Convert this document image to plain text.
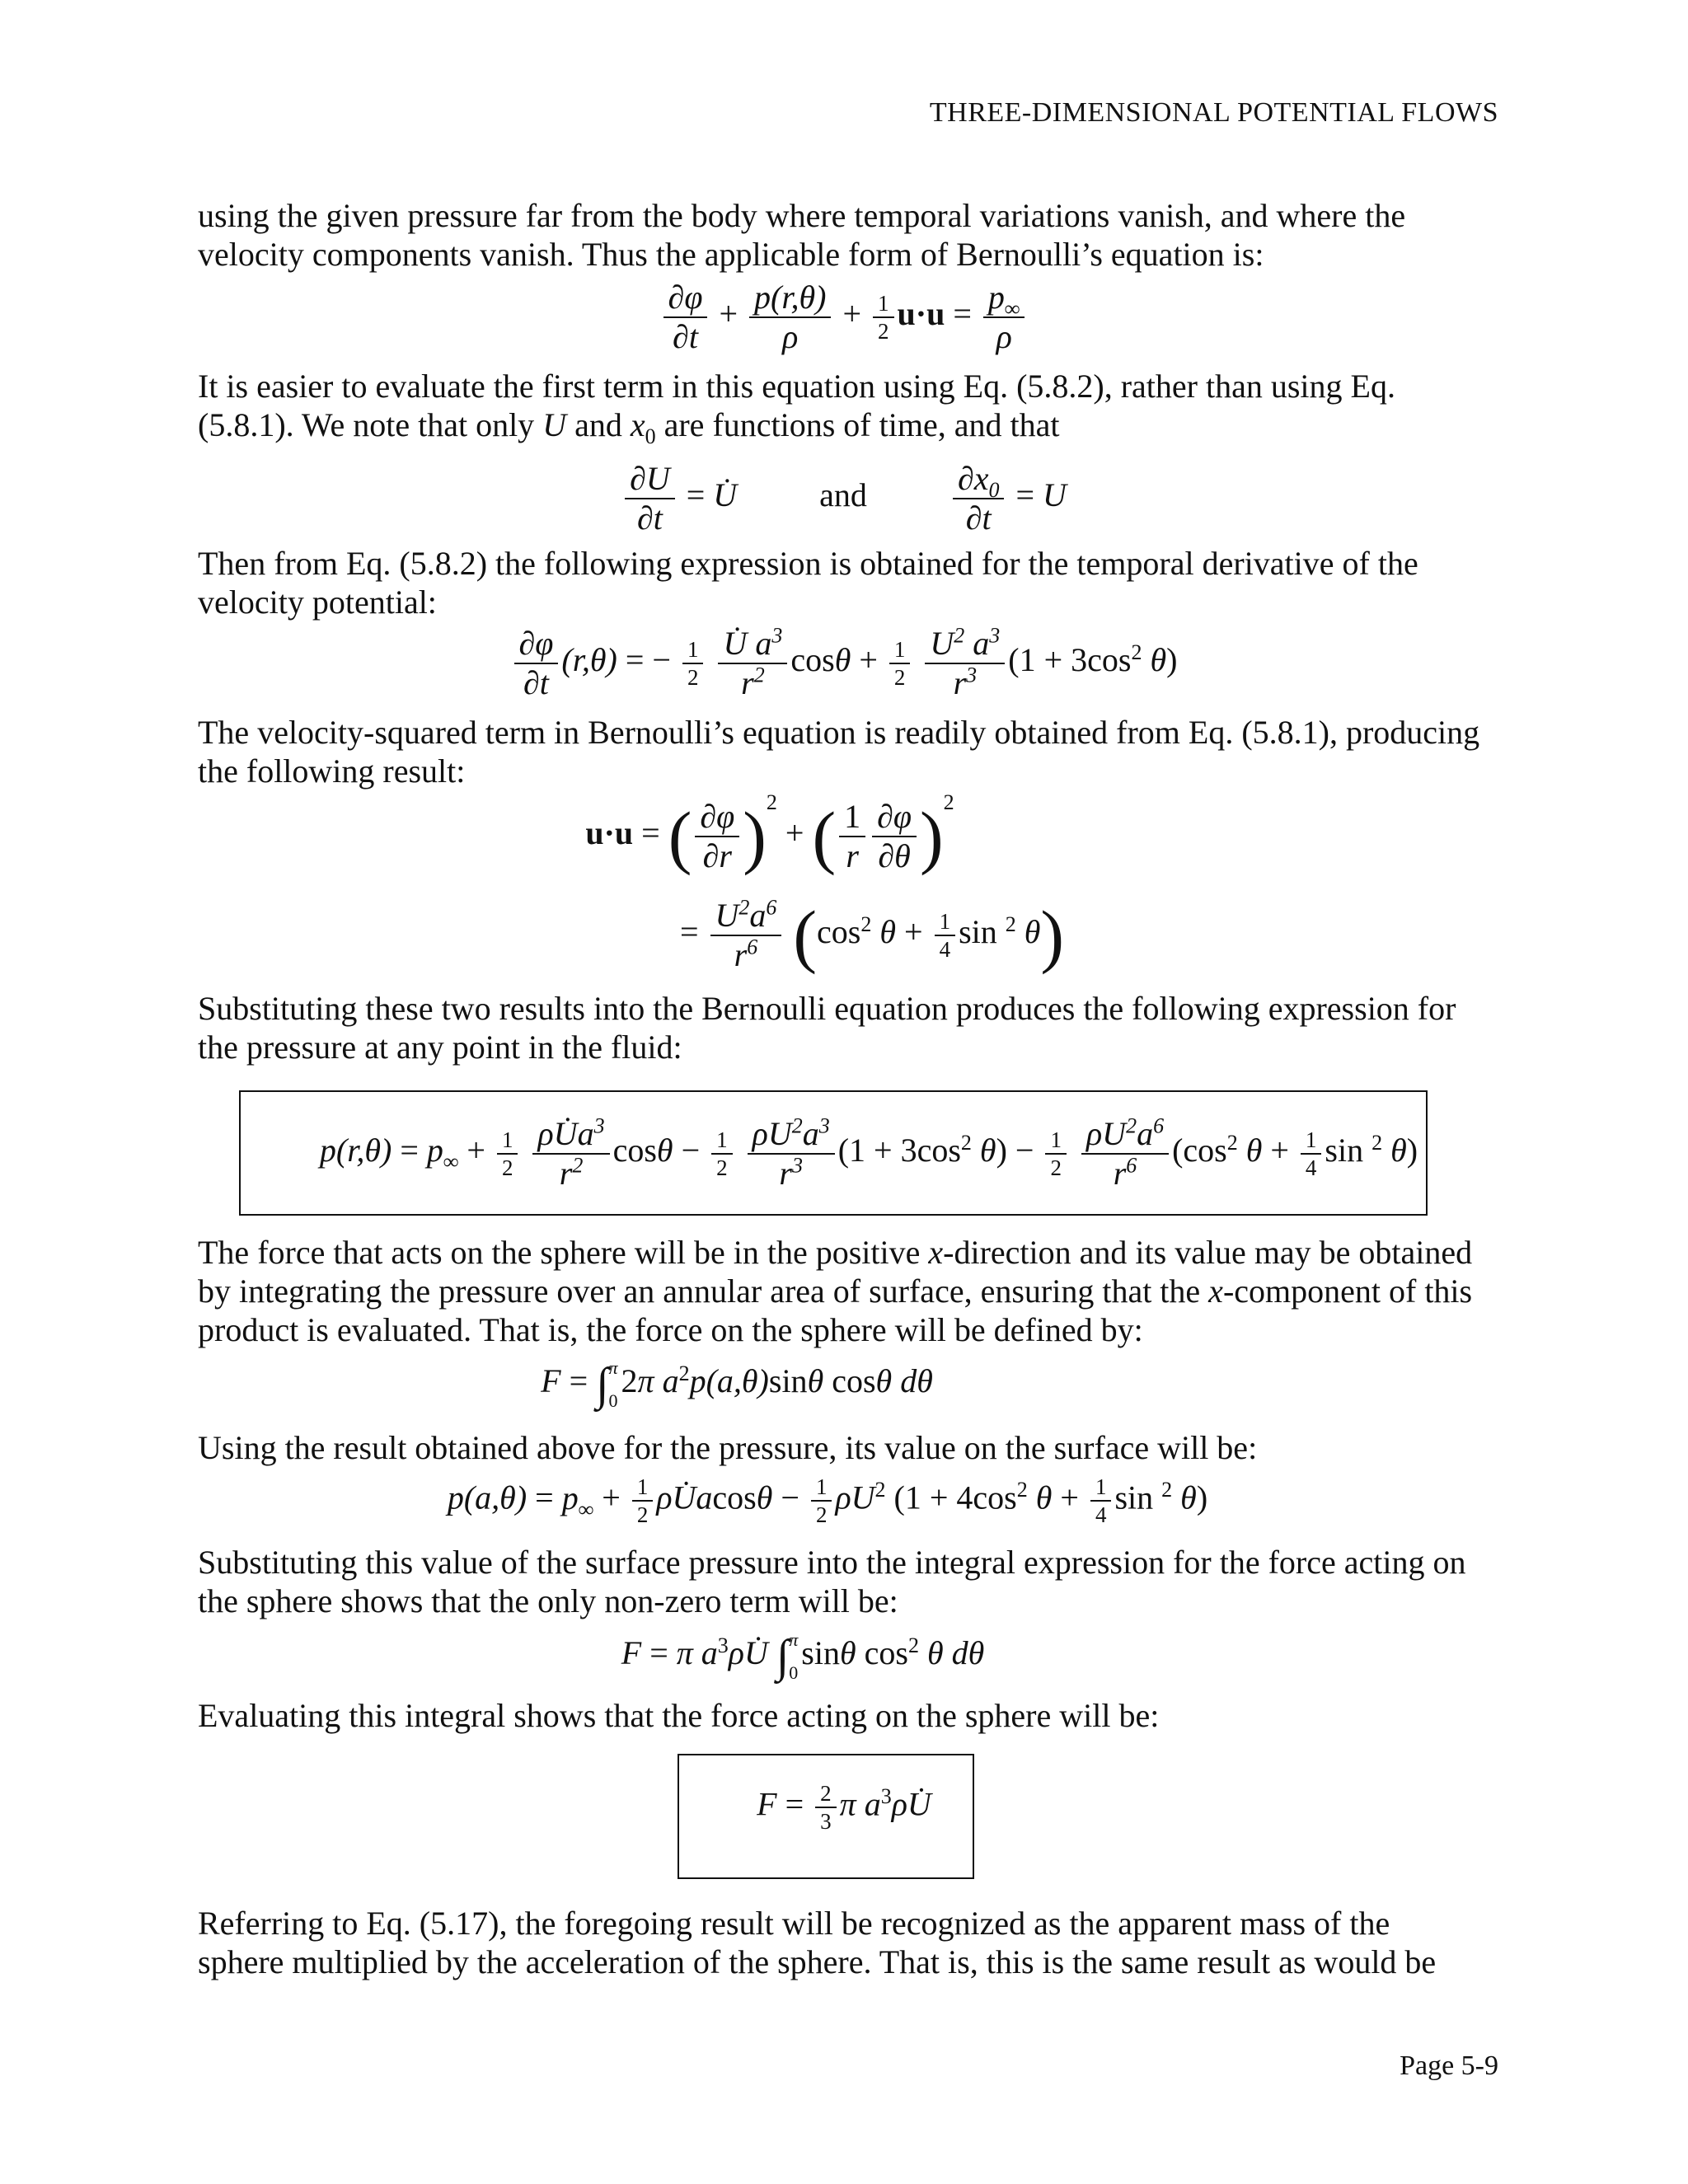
THREE-DIMENSIONAL POTENTIAL FLOWS

using the given pressure far from the body where temporal variations vanish, and where the velocity components vanish. Thus the applicable form of Bernoulli’s equation is:

$\frac{\partial\varphi}{\partial t} + \frac{p(r,\theta)}{\rho} + \frac{1}{2} u\cdot u = \frac{p_\infty}{\rho}$

It is easier to evaluate the first term in this equation using Eq. (5.8.2), rather than using Eq. (5.8.1). We note that only U and $x_0$ are functions of time, and that

$\frac{\partial U}{\partial t}$ = U̇	and	$\frac{\partial x_0}{\partial t} = U$

Then from Eq. (5.8.2) the following expression is obtained for the temporal derivative of the velocity potential:

$\frac{\partial\varphi}{\partial t} (r,\theta)$ = − $\frac{1}{2}$
$\frac{U̇ a^3}{r^2}$ $\cos\theta + \frac{1}{2}$
$\frac{U^2 a^3}{r^3} (1 + 3\cos^2$ θ)

The velocity-squared term in Bernoulli’s equation is readily obtained from Eq. (5.8.1), producing the following result:

u·u = ( $\frac{\partial\varphi}{\partial r} )^2$ + ( $\frac{1}{r} \frac{\partial\varphi}{\partial\theta} )^2$
= $\frac{U^2a^6}{r^6} (\cos^2$ $\theta + \frac{1}{4}$ sin $^2$ θ)

Substituting these two results into the Bernoulli equation produces the following expression for the pressure at any point in the fluid:

$p(r,\theta) = p_\infty + \frac{1}{2}$
$\frac{\rho U̇a^3}{r^2}$ $\cos\theta - \frac{1}{2}$
$\frac{\rho U^2a^3}{r^3} (1 + 3\cos^2$ $\theta) - \frac{1}{2}$
$\frac{\rho U^2a^6}{r^6} (\cos^2$ $\theta + \frac{1}{4}$ sin $^2$ θ)

The force that acts on the sphere will be in the positive x-direction and its value may be obtained by integrating the pressure over an annular area of surface, ensuring that the x-component of this product is evaluated. That is, the force on the sphere will be defined by:

F = ∫ π
0
2π $a^2p(a,\theta)\sin\theta$ cosθ dθ

Using the result obtained above for the pressure, its value on the surface will be:

$p(a,\theta) = p_\infty + \frac{1}{2}$ ρU̇acosθ − $\frac{1}{2} \rho U^2$ ($1 + 4\cos^2$ $\theta + \frac{1}{4}$ sin $^2$ θ)

Substituting this value of the surface pressure into the integral expression for the force acting on the sphere shows that the only non-zero term will be:

F = π $a^3\rho U̇$ ∫ π
0
sinθ $\cos^2 \theta$ dθ

Evaluating this integral shows that the force acting on the sphere will be:

$F = \frac{2}{3}$ π $a^3\rho U̇$

Referring to Eq. (5.17), the foregoing result will be recognized as the apparent mass of the sphere multiplied by the acceleration of the sphere. That is, this is the same result as would be

Page 5-9
